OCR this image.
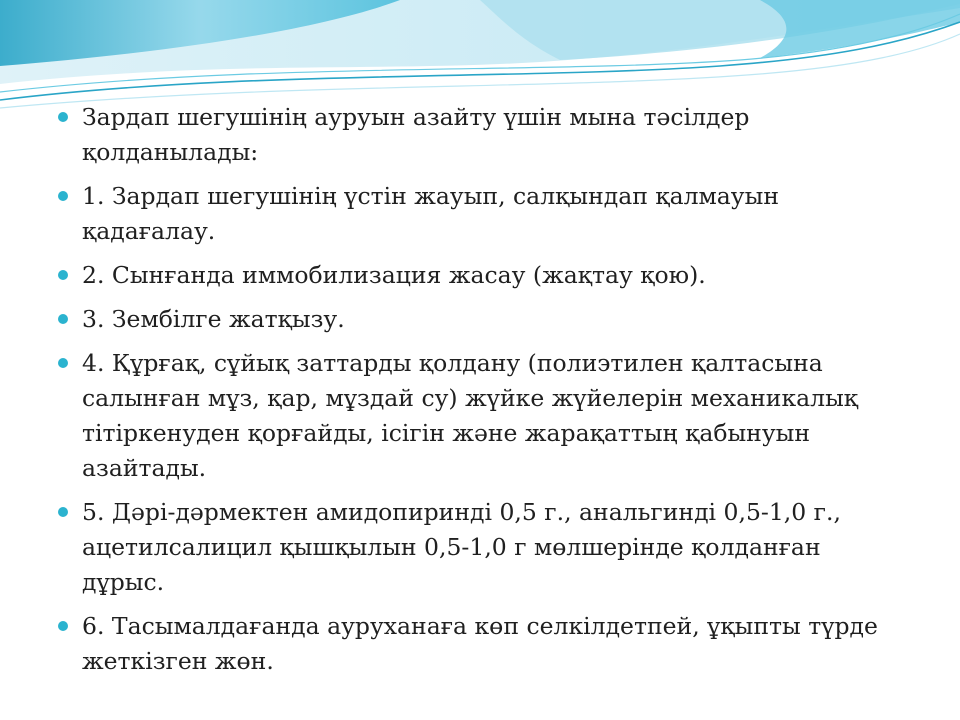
Зардап шегушінің ауруын азайту үшін мына тәсілдер қолданылады:
1. Зардап шегушінің үстін жауып, салқындап қалмауын қадағалау.
2. Сынғанда иммобилизация жасау (жақтау қою).
3. Зембілге жатқызу.
4. Құрғақ, сұйық заттарды қолдану (полиэтилен қалтасына салынған мұз, қар, мұздай су) жүйке жүйелерін механикалық тітіркенуден қорғайды, ісігін және жарақаттың қабынуын азайтады.
5. Дәрі-дәрмектен амидопиринді 0,5 г., анальгинді 0,5-1,0 г., ацетилсалицил қышқылын 0,5-1,0 г мөлшерінде қолданған дұрыс.
6. Тасымалдағанда ауруханаға көп селкілдетпей, ұқыпты түрде жеткізген жөн.
